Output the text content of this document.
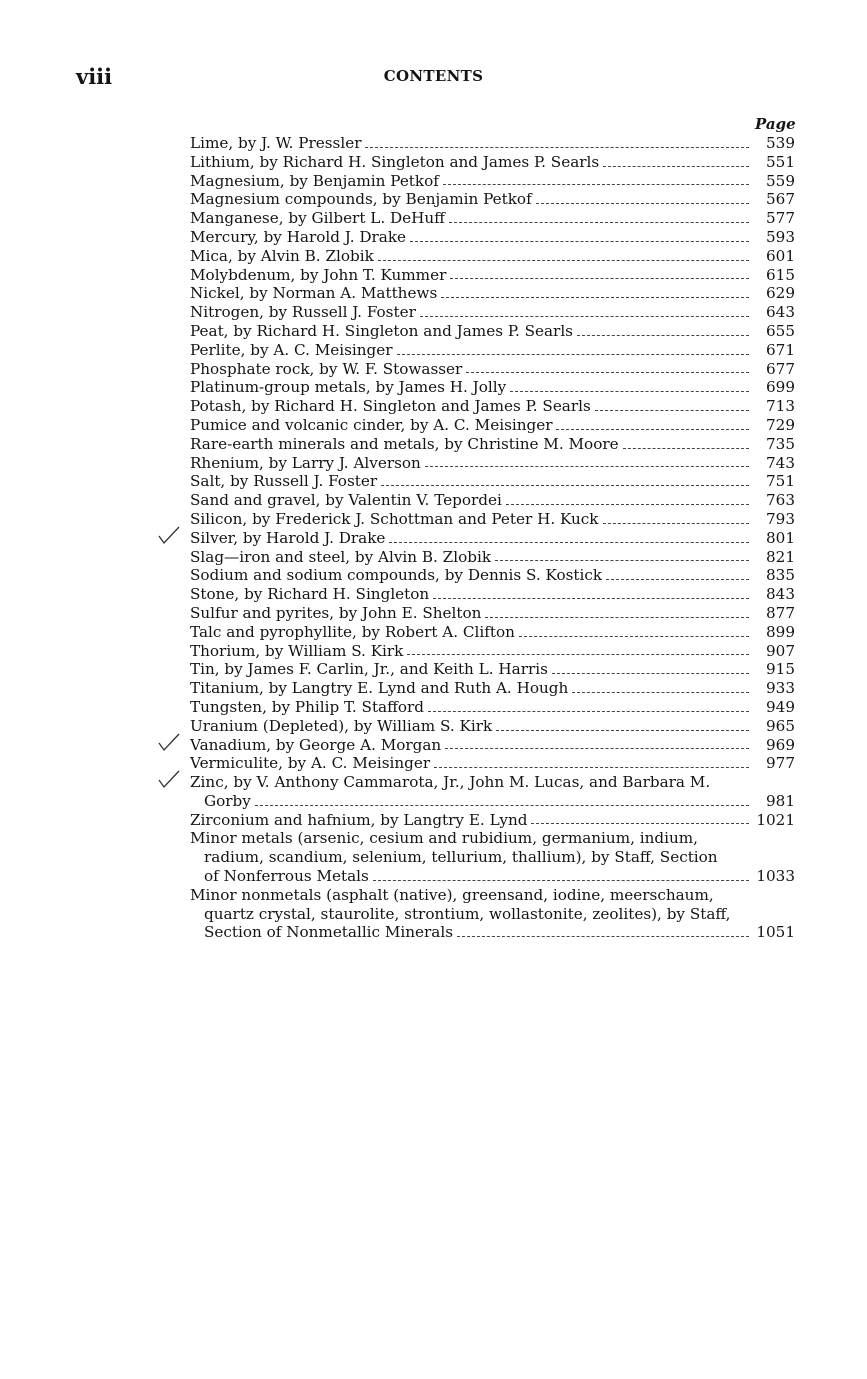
viii	CONTENTS
Page
Lime, by J. W. Pressler	539
Lithium, by Richard H. Singleton and James P. Searls	551
Magnesium, by Benjamin Petkof	559
Magnesium compounds, by Benjamin Petkof	567
Manganese, by Gilbert L. DeHuff	577
Mercury, by Harold J. Drake	593
Mica, by Alvin B. Zlobik	601
Molybdenum, by John T. Kummer	615
Nickel, by Norman A. Matthews	629
Nitrogen, by Russell J. Foster	643
Peat, by Richard H. Singleton and James P. Searls	655
Perlite, by A. C. Meisinger	671
Phosphate rock, by W. F. Stowasser	677
Platinum-group metals, by James H. Jolly	699
Potash, by Richard H. Singleton and James P. Searls	713
Pumice and volcanic cinder, by A. C. Meisinger	729
Rare-earth minerals and metals, by Christine M. Moore	735
Rhenium, by Larry J. Alverson	743
Salt, by Russell J. Foster	751
Sand and gravel, by Valentin V. Tepordei	763
Silicon, by Frederick J. Schottman and Peter H. Kuck	793
Silver, by Harold J. Drake	801
Slag—iron and steel, by Alvin B. Zlobik	821
Sodium and sodium compounds, by Dennis S. Kostick	835
Stone, by Richard H. Singleton	843
Sulfur and pyrites, by John E. Shelton	877
Talc and pyrophyllite, by Robert A. Clifton	899
Thorium, by William S. Kirk	907
Tin, by James F. Carlin, Jr., and Keith L. Harris	915
Titanium, by Langtry E. Lynd and Ruth A. Hough	933
Tungsten, by Philip T. Stafford	949
Uranium (Depleted), by William S. Kirk	965
Vanadium, by George A. Morgan	969
Vermiculite, by A. C. Meisinger	977
Zinc, by V. Anthony Cammarota, Jr., John M. Lucas, and Barbara M.
Gorby	981
Zirconium and hafnium, by Langtry E. Lynd	1021
Minor metals (arsenic, cesium and rubidium, germanium, indium,
radium, scandium, selenium, tellurium, thallium), by Staff, Section
of Nonferrous Metals	1033
Minor nonmetals (asphalt (native), greensand, iodine, meerschaum,
quartz crystal, staurolite, strontium, wollastonite, zeolites), by Staff,
Section of Nonmetallic Minerals	1051
